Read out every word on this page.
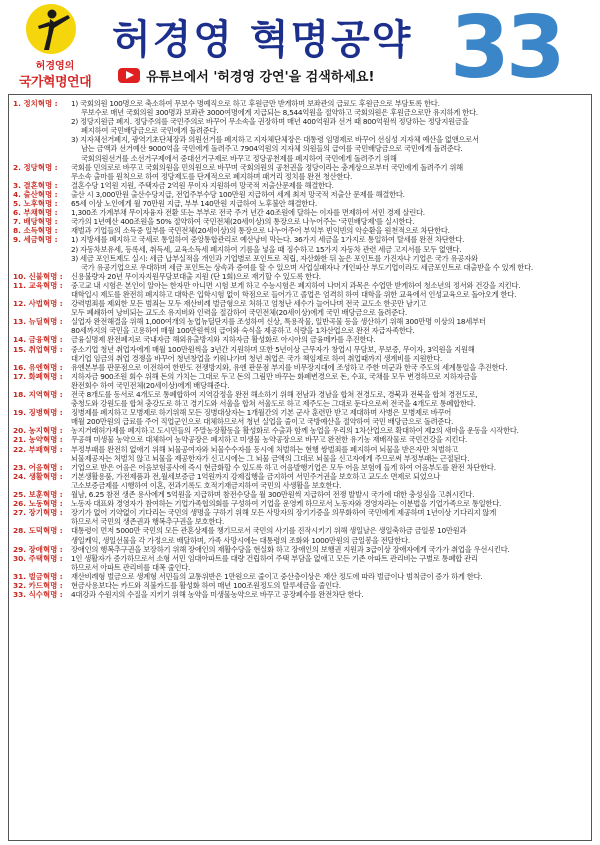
허경영의
국가혁명연대
허경영 혁명공약 33
유튜브에서 '허경영 강연'을 검색하세요!
1. 정치혁명 :	1) 국회의원 100명으로 축소하여 무보수 명예직으로 하고 후원금만 받게하며 보좌관의 급료도 후원금으로 부담토록 한다.
무보수로 매년 국회의원 300명과 보좌관 3000여명에게 지급되는 8,544억원을 절약하고 국회의원은 후원금으로만 유지하게 한다.
2) 정당지원금 폐지. 정당주의를 국민주의로 바꾸어 무소속을 권장하며 매년 400억원과 선거 때 800억원씩 정당하는 정당지원금을
폐지하여 국민배당금으로 국민에게 돌려준다.
3) 지자체선거폐지, 광역기초단체장과 의원선거를 폐지하고 지자체단체장은 대통령 임명제로 바꾸어 선심성 지자체 예산을 없앤으로서
남는 금액과 선거예산 9000억을 국민에게 돌려주고 7904억원의 지자체 의원들의 급여를 국민배당금으로 국민에게 돌려준다.
국회의원선거를 소선거구제에서 중대선거구제로 바꾸고 정당공천제를 폐지하여 국민에게 돌려주기 위해
2. 정당혁명 :	국회를 민의로로 바꾸고 국회의원을 민의원으로 바꾸며 국회의원의 공천권을 정당이라는 충계상으로부터 국민에게 돌려주기 위해
무소속 출마를 원칙으로 하여 정당제도를 단계적으로 폐지하며 패거리 정치를 완전 청산한다.
3. 결혼혁명 :	결혼수당 1억원 지원, 주택자금 2억원 무이자 지원하여 망국적 저출산문제를 해결한다.
4. 출산혁명 :	출산 시 3,000만원 출산수당지급, 전업주부수당 100만원 지급하여 세계 최저 망국적 저출산 문제를 해결한다.
5. 노후혁명 :	65세 이상 노인에게 월 70만원 지급, 부부 140만원 지급하여 노후불안 해결한다.
6. 부채혁명 :	1,300조 가계부채 무이자융자 전환 또는 부부로 전국 주거 년간 40조원에 달하는 이자를 면제하여 서민 경제 살린다.
7. 배당혁명 :	국가의 1년예산 400조원을 50% 절약하여 국민전체(20세이상)의 통장으로 나누어주는 '국민배당제'를 실시한다.
8. 소득혁명 :	재벌과 기업들의 소득중 일부를 국민전체(20세이상)의 통장으로 나누어주어 부익부 빈익빈의 악순환을 원천적으로 차단한다.
9. 세금혁명 :	1) 지방세를 폐지하고 국세로 통일하여 중앙통합관리로 예산낭비 막는다. 36가지 세금을 1가지로 통일하여 탈세를 완전 차단한다.
2) 자동차보유세, 등록세, 취득세, 교육소득세 폐지하여 기름을 넣을 때 징수하고 15가지 자동차 관련 세금 고지서를 모두 없앤다.
3) 세금 포인트제도 실시: 세금 납부실적을 개인과 기업별로 포인트로 적립, 자산화한 뒤 높은 포인트를 가진자나 기업은 국가 유공자와
국가 유공기업으로 우대하며 세금 포인트는 상속과 증여를 할 수 있으며 사업실패자나 개인파산 부도기업이라도 세금포인트로 대출받을 수 있게 한다.
10. 신불혁명 :	신용불량자 20년 무이자지원무담보대출 지원 (단 1회)으로 재기할 수 있도록 한다.
11. 교육혁명 :	중고교 내 시험은 본인이 알아는 한자만 아니면 시험 보게 하고 수능시험은 폐지하여 나머지 과목은 수업만 받게하여 청소년의 정서와 건강을 지킨다.
대학입시 제도를 완전히 폐지하고 대학은 입학시험 없이 학점으로 들어가고 졸업은 엄격히 하여 대학을 위한 교육에서 인성교육으로 돌아오게 한다.
12. 사법혁명 :	강력범죄를 제외한 모든 범죄는 모두 재산비례 벌금형으로 처하고 엄청난 세수가 늘어나며 전국 교도소 한곳만 남기고
모두 폐쇄하여 낭비되는 교도소 유지비와 인력을 절감하여 국민전체(20세이상)에게 국민 배당금으로 돌려준다.
13. 뉴딜혁명 :	실업자 완전해결을 위해 1,000여개의 농업뉴딜단지를 조성하여 신상, 특용작물, 일반곡물 등을 생산하기 위해 300만명 이상의 18세부터
80세까지의 국민을 고용하여 매월 100만원씩의 급여와 숙식을 제공하고 식량을 1차산업으로 완전 자급자족한다.
14. 금융혁명 :	금융실명제 완전폐지로 국내자금 해외유출방지와 지하자금 활성화로 아시아의 금융메카를 추진한다.
15. 취업혁명 :	중소기업 청년 취업자에게 매월 100만원씩을 3년간 지원하며 또한 5년이상 근무자가 창업시 무담보, 무보증, 무이자, 3억원을 지원해
대기업 임금의 취업 경쟁을 바꾸어 청년창업을 키워나가며 청년 취업은 국가 책임제로 하여 취업때까지 생계비를 지원한다.
16. 유엔혁명 :	유엔본부를 판문점으로 이전하여 한반도 전쟁방지와, 유엔 판문점 부지를 비무장지대에 조성하고 주한 미군과 한국 주도의 세계통일을 추진한다.
17. 화폐혁명 :	지하자금 900조원 회수 위해 돈의 가치는 그대로 두고 돈의 그림만 바꾸는 화폐변경으로 돈, 수표, 국채를 모두 변경하므로 지하자금을
완전회수 하여 국민전체(20세이상)에게 배당해준다.
18. 지역혁명 :	전국 8개도를 동서로 4개도로 통폐합하여 지역감정을 완전 해소하기 위해 전남과 경남을 합쳐 전경도로, 경북과 전북을 합쳐 경전도로,
충청도와 강원도를 합쳐 충강도로 하고 경기도와 서울을 합쳐 서울도로 하고 제주도는 그대로 둔다으로써 전국을 4개도로 통폐합한다.
19. 징병혁명 :	징병제를 폐지하고 모병제로 하기위해 모든 징병대상자는 1개월간의 기본 군사 훈련만 받고 제대하며 사병은 모병제로 바꾸어
매월 200만원의 급료를 주어 직업군인으로 대체하므로서 청년 실업을 줄이고 국방예산을 절약하여 국민 배당금으로 돌려준다.
20. 농지혁명 :	농지거래허가제를 폐지하고 도시민들의 주말농장활동을 활성화로 수출과 함께 농업을 우리의 1차산업으로 확대하여 제2의 새마을 운동을 시작한다.
21. 농약혁명 :	무공해 미생물 농약으로 대체하여 농약공장은 폐지하고 미생물 농약공장으로 바꾸고 완전한 유기농 재배작물로 국민건강을 지킨다.
22. 부패혁명 :	부정부패를 완전히 없애기 위해 뇌물공여자와 뇌물수수자를 동시에 처벌하는 현행 쌍벌죄를 폐지하여 뇌물을 받은자만 처벌하고
뇌물제공자는 처벌치 않고 뇌물을 제공한자가 신고시에는 그 뇌물 금액의 그대로 뇌물을 신고자에게 주므로써 부정부패는 근절된다.
23. 어음혁명 :	기업으로 받은 어음은 어음보험공사에 즉시 현금화할 수 있도록 하고 어음발행기업은 모두 어음 보험에 들게 하여 어음부도를 완전 차단한다.
24. 생활혁명 :	기본생활용품, 가전제품과 전,월세보증금 1억원까지 강제집행을 금지하여 서민주거권을 보호하고 교도소 면제로 되었으나
고소보증금제를 시행하여 이혼, 전과기록도 호적기재금지하여 국민의 사생활을 보호한다.
25. 보훈혁명 :	월남, 6.25 참전 생존 용사에게 5억원을 지급하며 참전수당을 월 300만원씩 지급하여 전쟁 발발시 국가에 대한 충성심을 고취시킨다.
26. 노동혁명 :	노동자 대표와 경영자가 참여하는 기업가족협의회를 구성하여 기업을 운영케 하므로서 노동자와 경영자라는 이분법을 기업가족으로 통일한다.
27. 장기혁명 :	장기가 없어 기약없이 기다리는 국민의 생명을 구하기 위해 모든 사망자의 장기기증을 의무화하여 국민에게 제공하며 1년이상 기다리지 않게
하므로서 국민의 생존권과 행복추구권을 보호한다.
28. 도덕혁명 :	대통령이 먼저 5000만 국민의 모든 관혼상제를 챙기므로서 국민의 사기를 진작시키기 위해 생일날은 생일축하금 금일봉 10만원과
생일케익, 생일선물을 각 가정으로 배달하며, 가족 사망시에는 대통령의 조화와 1000만원의 금일봉을 전달한다.
29. 장애혁명 :	장애인의 행복추구권을 보장하기 위해 장애인의 재활수당을 현실화 하고 장애인의 보행권 지원과 3급이상 장애자에게 국가가 취업을 우선시킨다.
30. 주택혁명 :	1인 생활자가 증가하므로서 소형 서민 임대아파트를 대량 건립하여 주택 부담을 없애고 모든 기존 아파트 관리비는 구별로 통폐합 관리
하므로서 아파트 관리비를 대폭 줄인다.
31. 벌금혁명 :	재산비례형 벌금으로 생계형 서민들의 교통위반은 1만원으로 줄이고 중산층이상은 재산 정도에 따라 벌금이나 범칙금이 증가 하게 한다.
32. 카드혁명 :	현금사용보다는 카드와 직불카드를 활성화 하여 매년 100조원정도의 탈루세금을 줄인다.
33. 식수혁명 :	4대강과 수원지의 수질을 지키기 위해 농약을 미생물농약으로 바꾸고 공장폐수를 완전차단 한다.
